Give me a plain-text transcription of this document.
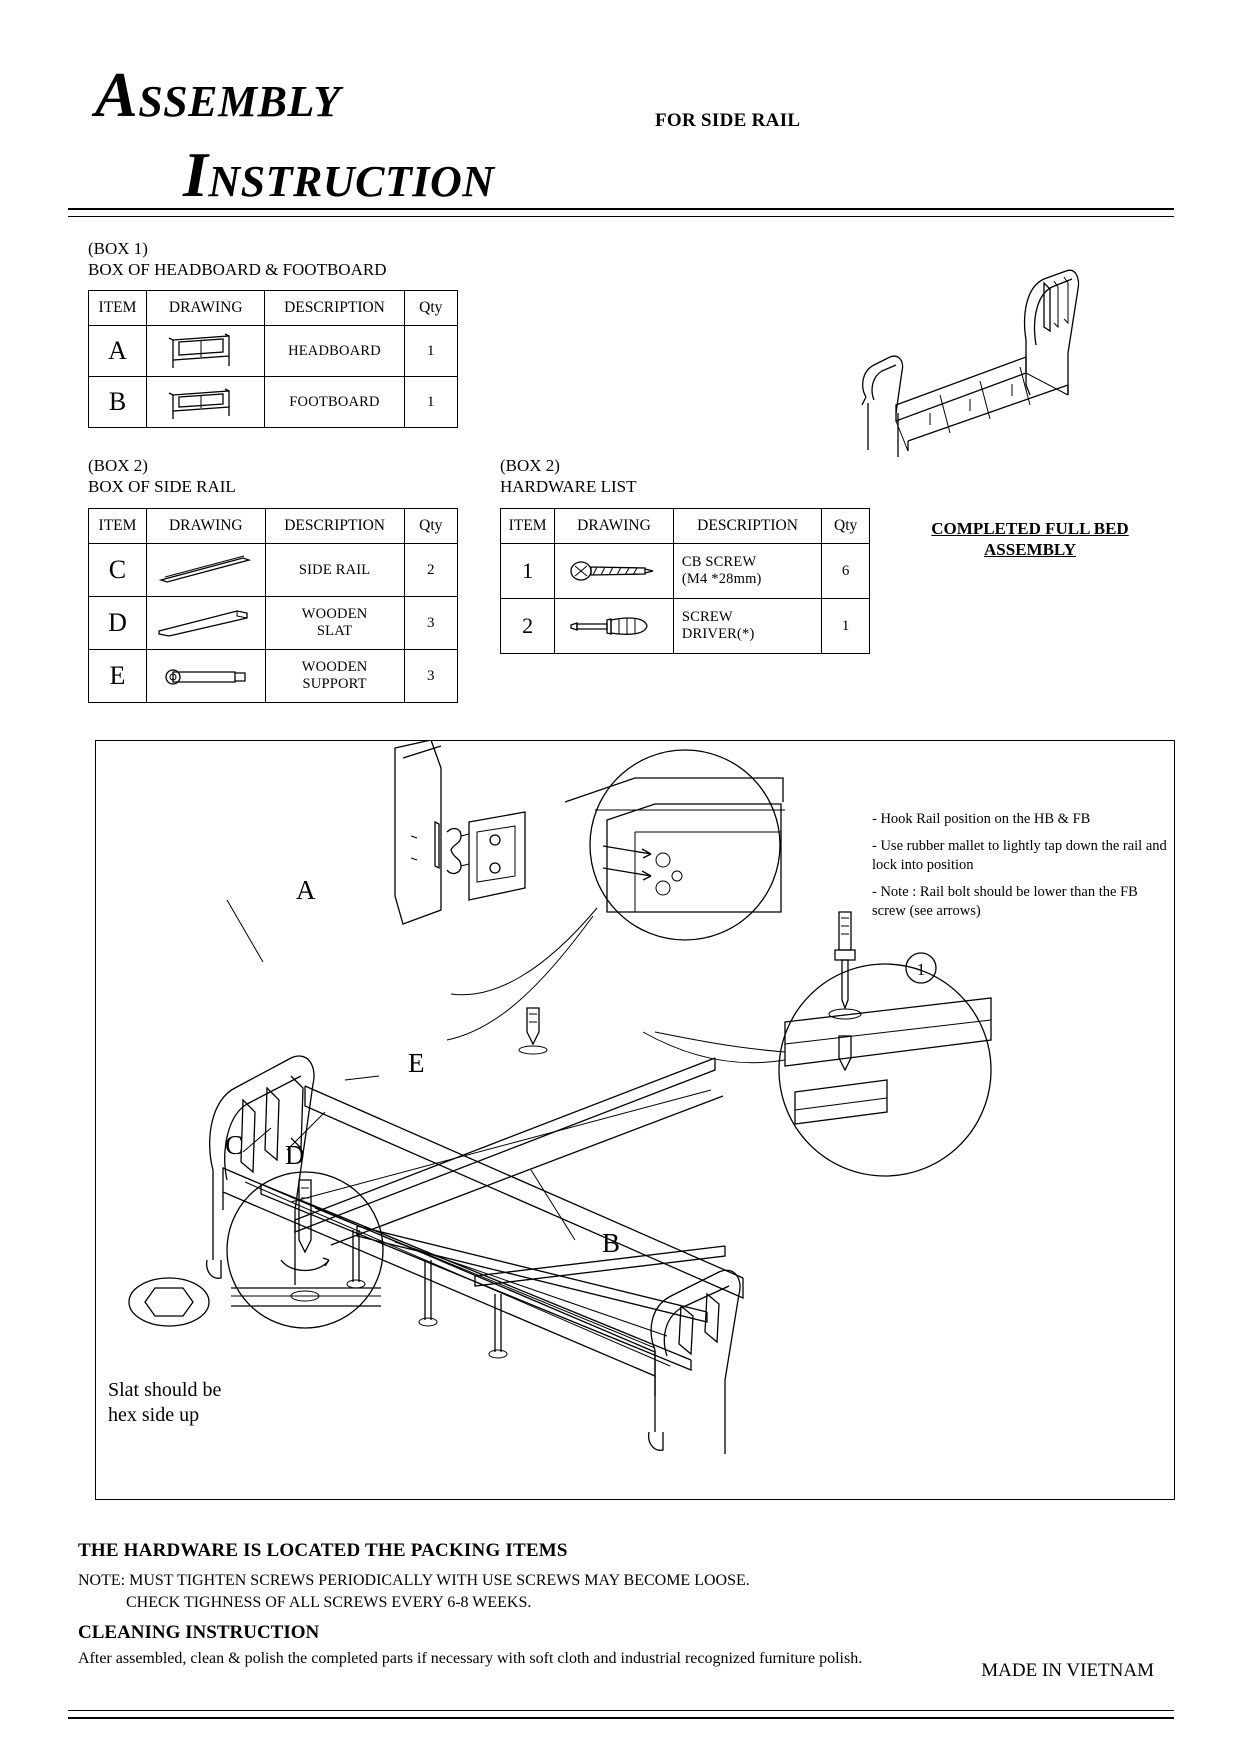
ASSEMBLY
INSTRUCTION
FOR SIDE RAIL
(BOX 1)
BOX OF HEADBOARD & FOOTBOARD
ITEM	DRAWING	DESCRIPTION	Qty
A		HEADBOARD	1
B		FOOTBOARD	1
(BOX 2)
BOX OF SIDE RAIL
ITEM	DRAWING	DESCRIPTION	Qty
C		SIDE RAIL	2
D		WOODEN
SLAT	3
E		WOODEN
SUPPORT	3
(BOX 2)
HARDWARE LIST
ITEM	DRAWING	DESCRIPTION	Qty
1		CB SCREW
(M4 *28mm)	6
2		SCREW
DRIVER(*)	1
COMPLETED FULL BED
ASSEMBLY
1
A
B
C D
E

- Hook Rail position on the HB & FB

- Use rubber mallet to lightly tap down the rail and lock into position

- Note : Rail bolt should be lower than the FB screw (see arrows)

Slat should be
hex side up
THE HARDWARE IS LOCATED THE PACKING ITEMS
NOTE: MUST TIGHTEN SCREWS PERIODICALLY WITH USE SCREWS MAY BECOME LOOSE.
CHECK TIGHNESS OF ALL SCREWS EVERY 6-8 WEEKS.
CLEANING INSTRUCTION
After assembled, clean & polish the completed parts if necessary with soft cloth and industrial recognized furniture polish.
MADE IN VIETNAM
